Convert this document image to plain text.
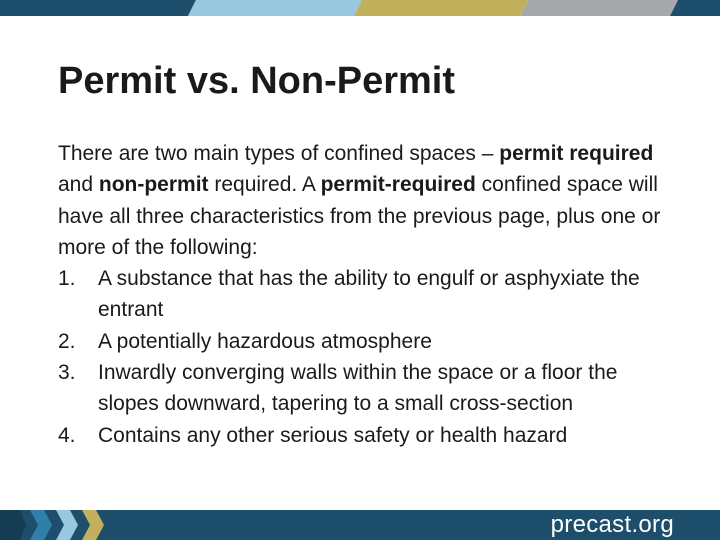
Permit vs. Non-Permit

There are two main types of confined spaces – permit required and non-permit required. A permit-required confined space will have all three characteristics from the previous page, plus one or more of the following:

1.	A substance that has the ability to engulf or asphyxiate the entrant
2.	A potentially hazardous atmosphere
3.	Inwardly converging walls within the space or a floor the slopes downward, tapering to a small cross-section
4.	Contains any other serious safety or health hazard
precast.org
